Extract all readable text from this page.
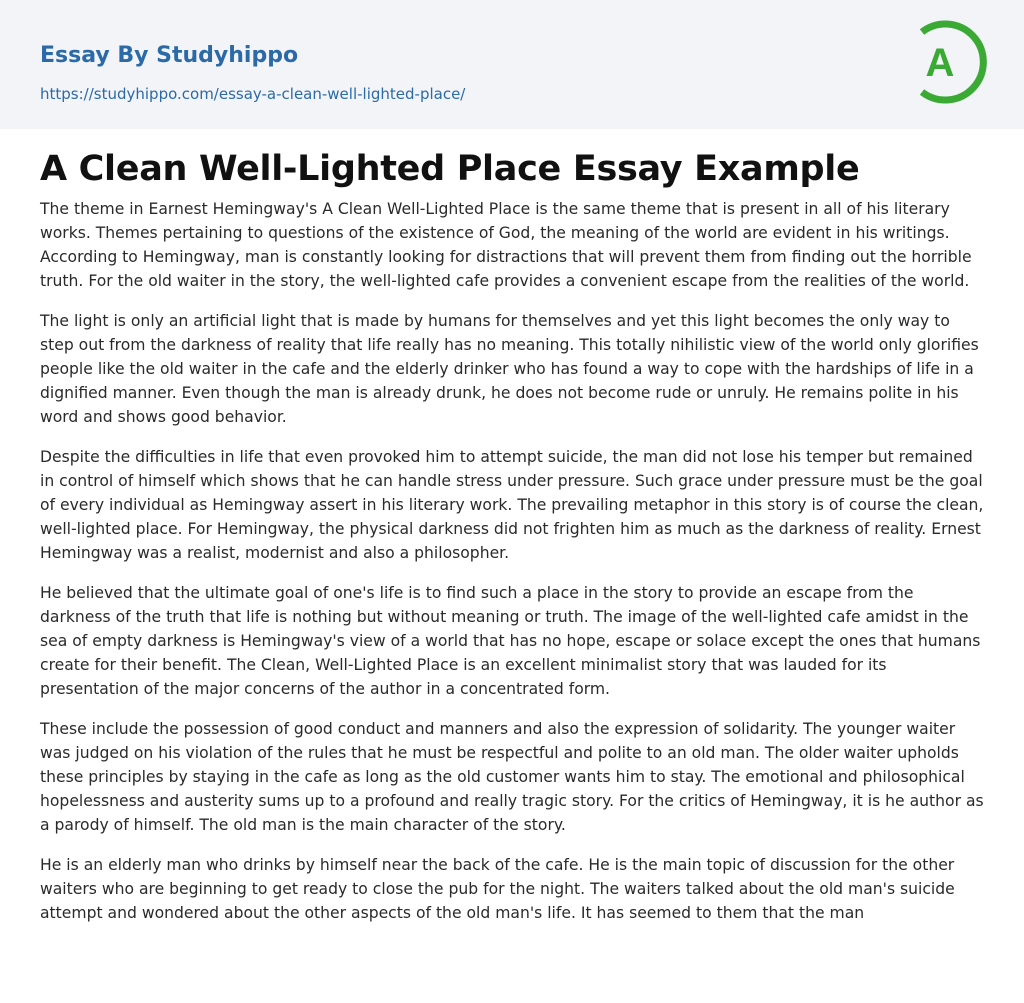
Essay By Studyhippo
https://studyhippo.com/essay-a-clean-well-lighted-place/
A
A Clean Well-Lighted Place Essay Example

The theme in Earnest Hemingway's A Clean Well-Lighted Place is the same theme that is present in all of his literary works. Themes pertaining to questions of the existence of God, the meaning of the world are evident in his writings. According to Hemingway, man is constantly looking for distractions that will prevent them from finding out the horrible truth. For the old waiter in the story, the well-lighted cafe provides a convenient escape from the realities of the world.

The light is only an artificial light that is made by humans for themselves and yet this light becomes the only way to step out from the darkness of reality that life really has no meaning. This totally nihilistic view of the world only glorifies people like the old waiter in the cafe and the elderly drinker who has found a way to cope with the hardships of life in a dignified manner. Even though the man is already drunk, he does not become rude or unruly. He remains polite in his word and shows good behavior.

Despite the difficulties in life that even provoked him to attempt suicide, the man did not lose his temper but remained in control of himself which shows that he can handle stress under pressure. Such grace under pressure must be the goal of every individual as Hemingway assert in his literary work. The prevailing metaphor in this story is of course the clean, well-lighted place. For Hemingway, the physical darkness did not frighten him as much as the darkness of reality. Ernest Hemingway was a realist, modernist and also a philosopher.

He believed that the ultimate goal of one's life is to find such a place in the story to provide an escape from the darkness of the truth that life is nothing but without meaning or truth. The image of the well-lighted cafe amidst in the sea of empty darkness is Hemingway's view of a world that has no hope, escape or solace except the ones that humans create for their benefit. The Clean, Well-Lighted Place is an excellent minimalist story that was lauded for its presentation of the major concerns of the author in a concentrated form.

These include the possession of good conduct and manners and also the expression of solidarity. The younger waiter was judged on his violation of the rules that he must be respectful and polite to an old man. The older waiter upholds these principles by staying in the cafe as long as the old customer wants him to stay. The emotional and philosophical hopelessness and austerity sums up to a profound and really tragic story. For the critics of Hemingway, it is he author as a parody of himself. The old man is the main character of the story.

He is an elderly man who drinks by himself near the back of the cafe. He is the main topic of discussion for the other waiters who are beginning to get ready to close the pub for the night. The waiters talked about the old man's suicide attempt and wondered about the other aspects of the old man's life. It has seemed to them that the man
